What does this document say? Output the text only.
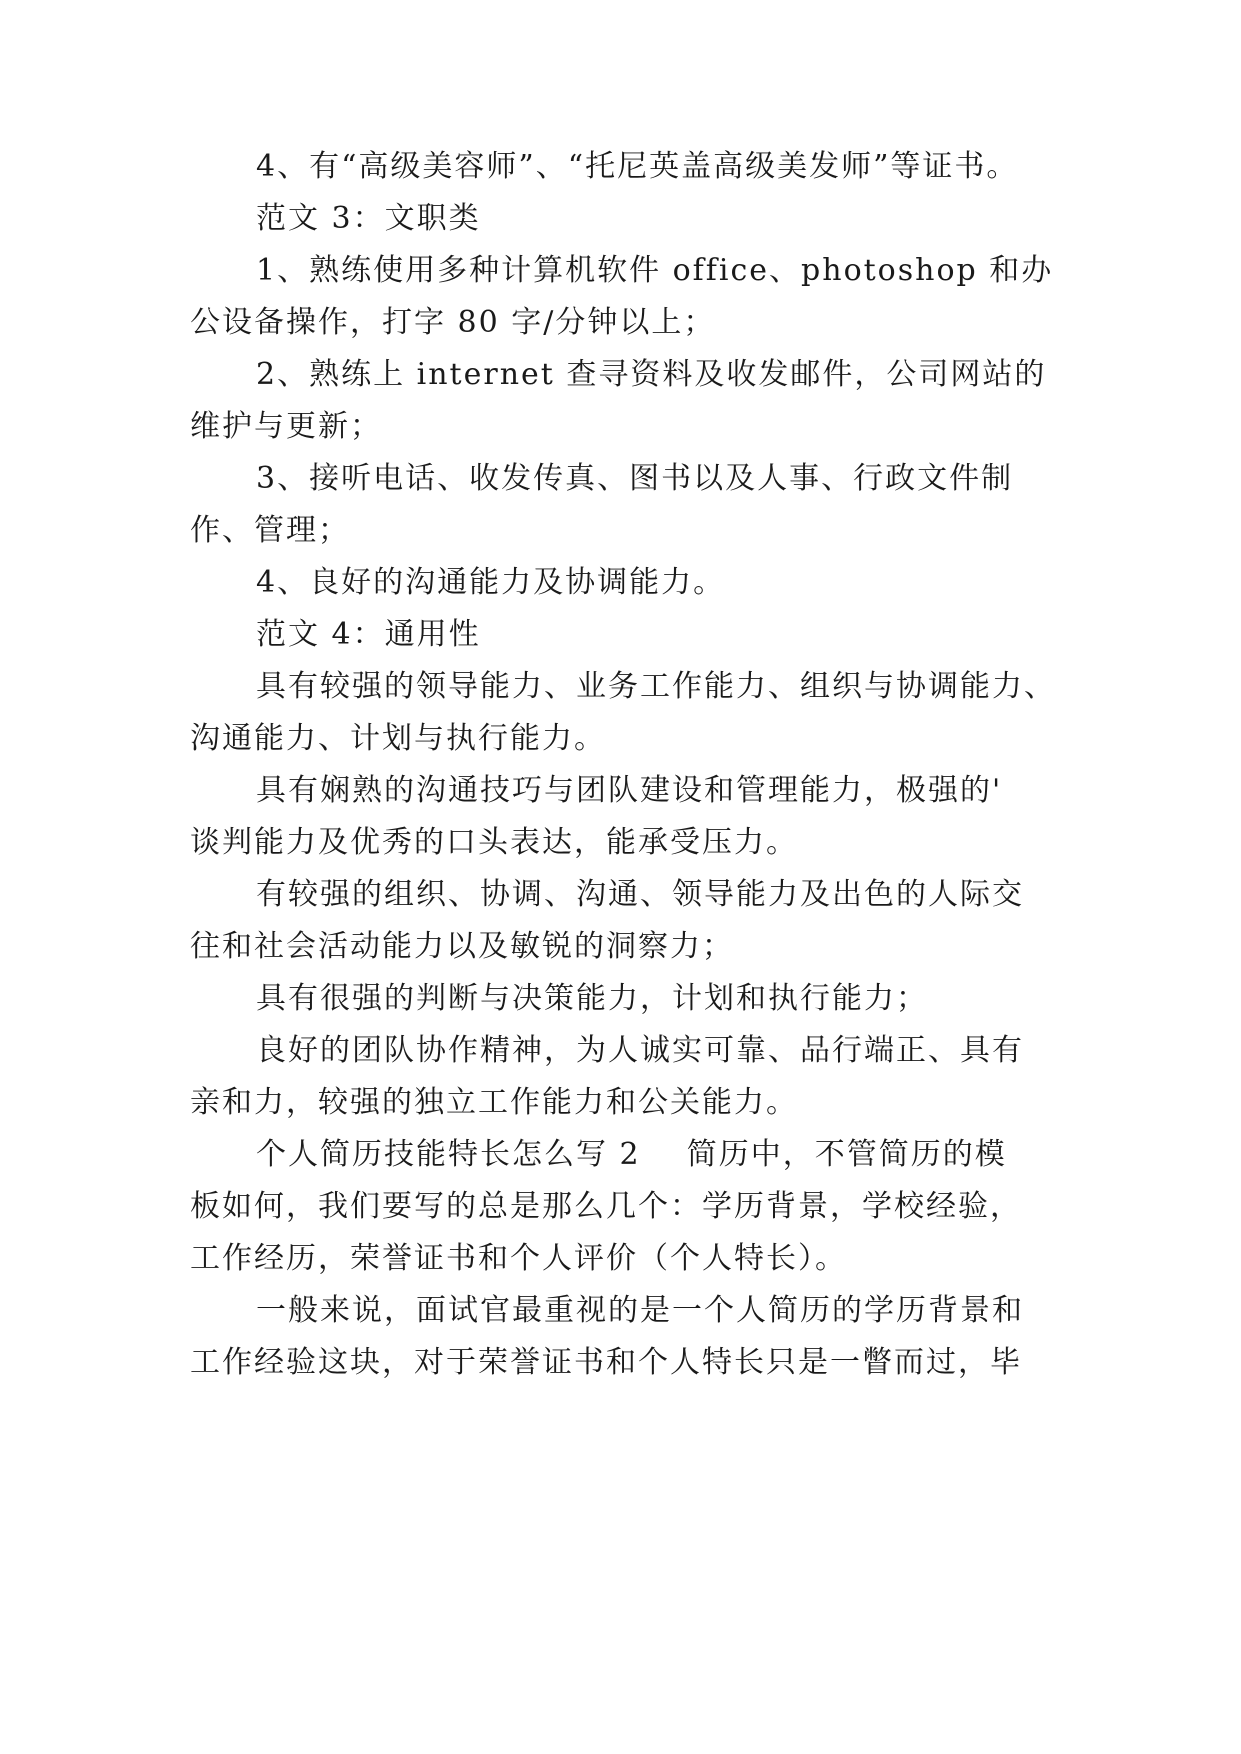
4、有“高级美容师”、“托尼英盖高级美发师”等证书。
范文 3：文职类
1、熟练使用多种计算机软件 office、photoshop 和办
公设备操作，打字 80 字/分钟以上；
2、熟练上 internet 查寻资料及收发邮件，公司网站的
维护与更新；
3、接听电话、收发传真、图书以及人事、行政文件制
作、管理；
4、良好的沟通能力及协调能力。
范文 4：通用性
具有较强的领导能力、业务工作能力、组织与协调能力、
沟通能力、计划与执行能力。
具有娴熟的沟通技巧与团队建设和管理能力，极强的'
谈判能力及优秀的口头表达，能承受压力。
有较强的组织、协调、沟通、领导能力及出色的人际交
往和社会活动能力以及敏锐的洞察力；
具有很强的判断与决策能力，计划和执行能力；
良好的团队协作精神，为人诚实可靠、品行端正、具有
亲和力，较强的独立工作能力和公关能力。
个人简历技能特长怎么写 2    简历中，不管简历的模
板如何，我们要写的总是那么几个：学历背景，学校经验，
工作经历，荣誉证书和个人评价（个人特长）。
一般来说，面试官最重视的是一个人简历的学历背景和
工作经验这块，对于荣誉证书和个人特长只是一瞥而过，毕
